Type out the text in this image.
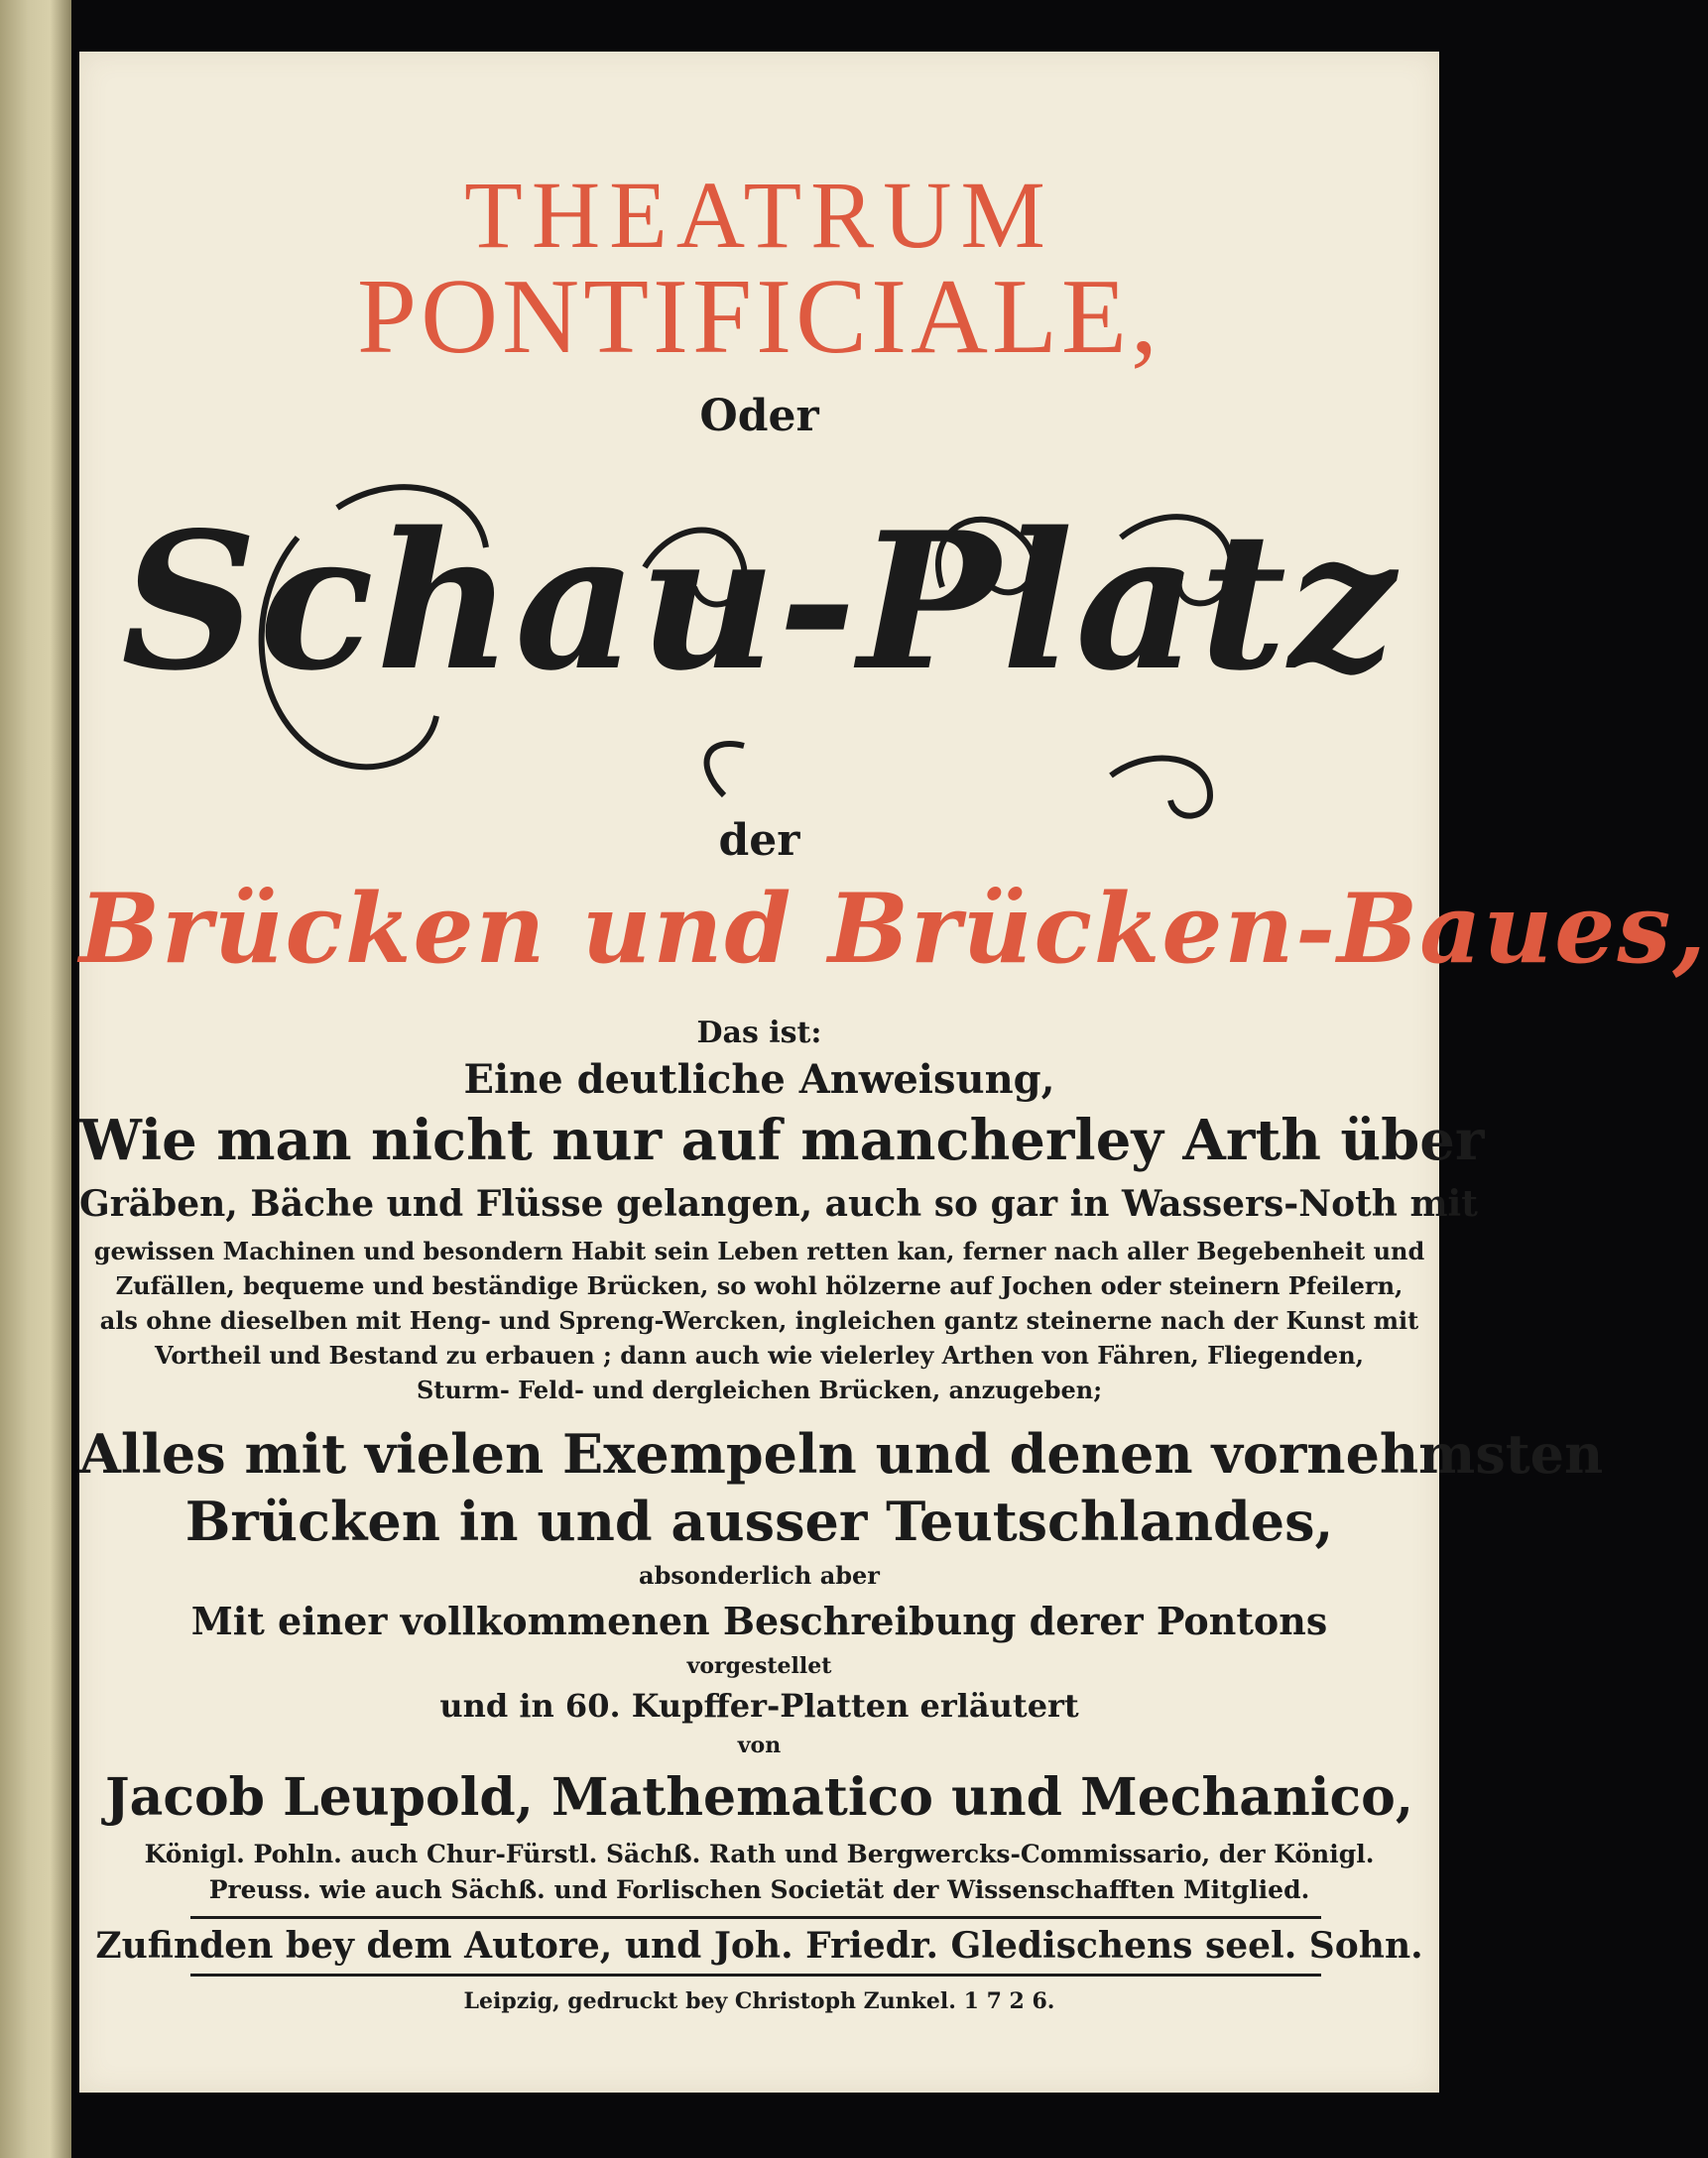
THEATRUM
PONTIFICIALE,
Oder
Schau-Platz
der
Brücken und Brücken-Baues,
Das ist:
Eine deutliche Anweisung,
Wie man nicht nur auf mancherley Arth über
Gräben, Bäche und Flüsse gelangen, auch so gar in Wassers-Noth mit
gewissen Machinen und besondern Habit sein Leben retten kan, ferner nach aller Begebenheit und
Zufällen, bequeme und beständige Brücken, so wohl hölzerne auf Jochen oder steinern Pfeilern,
als ohne dieselben mit Heng- und Spreng-Wercken, ingleichen gantz steinerne nach der Kunst mit
Vortheil und Bestand zu erbauen ; dann auch wie vielerley Arthen von Fähren, Fliegenden,
Sturm- Feld- und dergleichen Brücken, anzugeben;
Alles mit vielen Exempeln und denen vornehmsten
Brücken in und ausser Teutschlandes,
absonderlich aber
Mit einer vollkommenen Beschreibung derer Pontons
vorgestellet
und in 60. Kupffer-Platten erläutert
von
Jacob Leupold, Mathematico und Mechanico,
Königl. Pohln. auch Chur-Fürstl. Sächß. Rath und Bergwercks-Commissario, der Königl.
Preuss. wie auch Sächß. und Forlischen Societät der Wissenschafften Mitglied.
Zufinden bey dem Autore, und Joh. Friedr. Gledischens seel. Sohn.
Leipzig, gedruckt bey Christoph Zunkel. 1 7 2 6.
